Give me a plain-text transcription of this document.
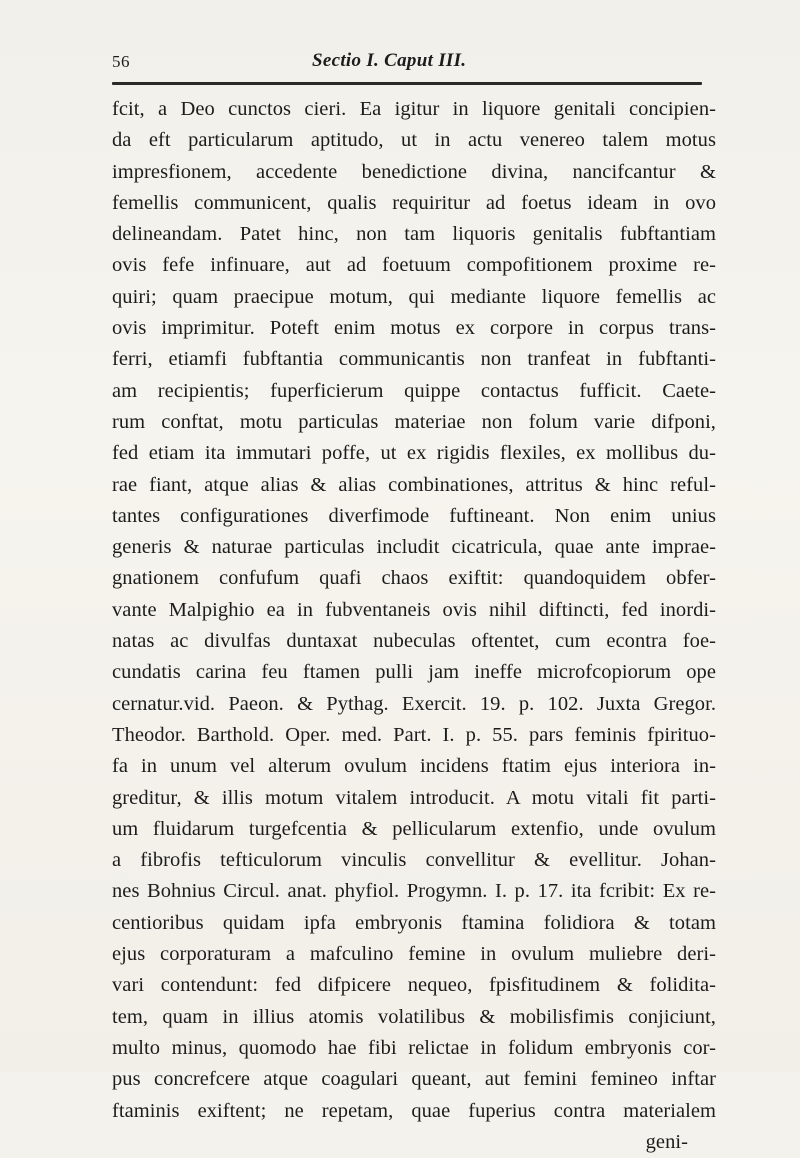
56	Sectio I. Caput III.
fcit, a Deo cunctos cieri. Ea igitur in liquore genitali concipien-
da eft particularum aptitudo, ut in actu venereo talem motus
impresfionem, accedente benedictione divina, nancifcantur &
femellis communicent, qualis requiritur ad foetus ideam in ovo
delineandam. Patet hinc, non tam liquoris genitalis fubftantiam
ovis fefe infinuare, aut ad foetuum compofitionem proxime re-
quiri; quam praecipue motum, qui mediante liquore femellis ac
ovis imprimitur. Poteft enim motus ex corpore in corpus trans-
ferri, etiamfi fubftantia communicantis non tranfeat in fubftanti-
am recipientis; fuperficierum quippe contactus fufficit. Caete-
rum conftat, motu particulas materiae non folum varie difponi,
fed etiam ita immutari poffe, ut ex rigidis flexiles, ex mollibus du-
rae fiant, atque alias & alias combinationes, attritus & hinc reful-
tantes configurationes diverfimode fuftineant. Non enim unius
generis & naturae particulas includit cicatricula, quae ante imprae-
gnationem confufum quafi chaos exiftit: quandoquidem obfer-
vante Malpighio ea in fubventaneis ovis nihil diftincti, fed inordi-
natas ac divulfas duntaxat nubeculas oftentet, cum econtra foe-
cundatis carina feu ftamen pulli jam ineffe microfcopiorum ope
cernatur.vid. Paeon. & Pythag. Exercit. 19. p. 102. Juxta Gregor.
Theodor. Barthold. Oper. med. Part. I. p. 55. pars feminis fpirituo-
fa in unum vel alterum ovulum incidens ftatim ejus interiora in-
greditur, & illis motum vitalem introducit. A motu vitali fit parti-
um fluidarum turgefcentia & pellicularum extenfio, unde ovulum
a fibrofis tefticulorum vinculis convellitur & evellitur. Johan-
nes Bohnius Circul. anat. phyfiol. Progymn. I. p. 17. ita fcribit: Ex re-
centioribus quidam ipfa embryonis ftamina folidiora & totam
ejus corporaturam a mafculino femine in ovulum muliebre deri-
vari contendunt: fed difpicere nequeo, fpisfitudinem & folidita-
tem, quam in illius atomis volatilibus & mobilisfimis conjiciunt,
multo minus, quomodo hae fibi relictae in folidum embryonis cor-
pus concrefcere atque coagulari queant, aut femini femineo inftar
ftaminis exiftent; ne repetam, quae fuperius contra materialem
geni-
